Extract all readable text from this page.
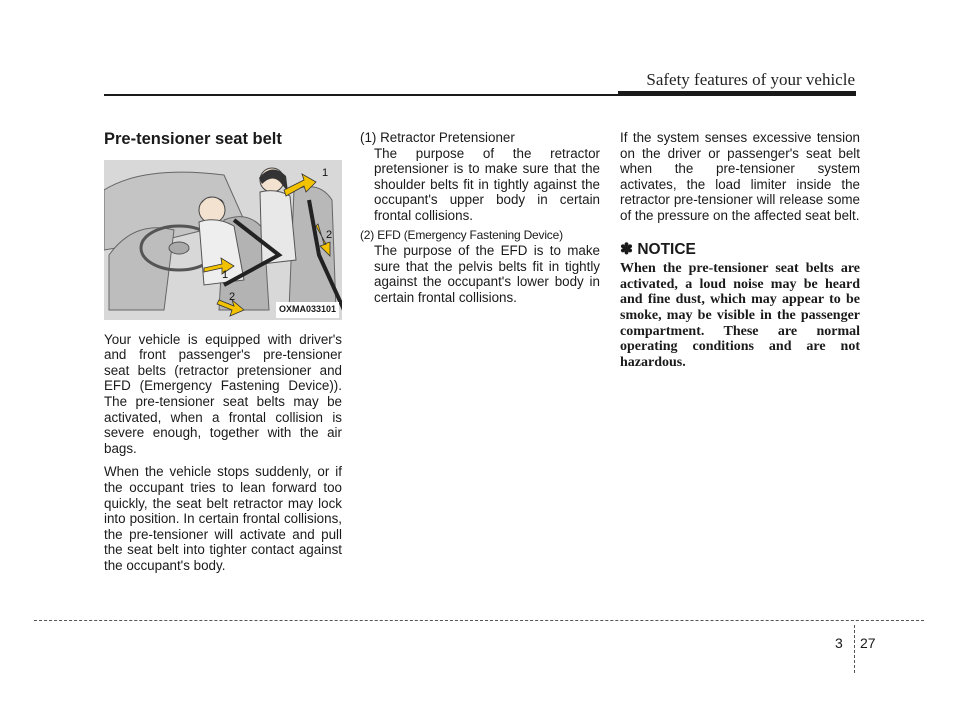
Safety features of your vehicle
Pre-tensioner seat belt
1
2
1
2
OXMA033101

Your vehicle is equipped with driver's and front passenger's pre-tensioner seat belts (retractor pretensioner and EFD (Emergency Fastening Device)). The pre-tensioner seat belts may be activated, when a frontal collision is severe enough, together with the air bags.

When the vehicle stops suddenly, or if the occupant tries to lean forward too quickly, the seat belt retractor may lock into position. In certain frontal collisions, the pre-tensioner will activate and pull the seat belt into tighter contact against the occupant's body.

(1) Retractor Pretensioner
The purpose of the retractor pretensioner is to make sure that the shoulder belts fit in tightly against the occupant's upper body in certain frontal collisions.
(2) EFD (Emergency Fastening Device)
The purpose of the EFD is to make sure that the pelvis belts fit in tightly against the occupant's lower body in certain frontal collisions.

If the system senses excessive tension on the driver or passenger's seat belt when the pre-tensioner system activates, the load limiter inside the retractor pre-tensioner will release some of the pressure on the affected seat belt.

✽ NOTICE

When the pre-tensioner seat belts are activated, a loud noise may be heard and fine dust, which may appear to be smoke, may be visible in the passenger compartment. These are normal operating conditions and are not hazardous.

3 27
